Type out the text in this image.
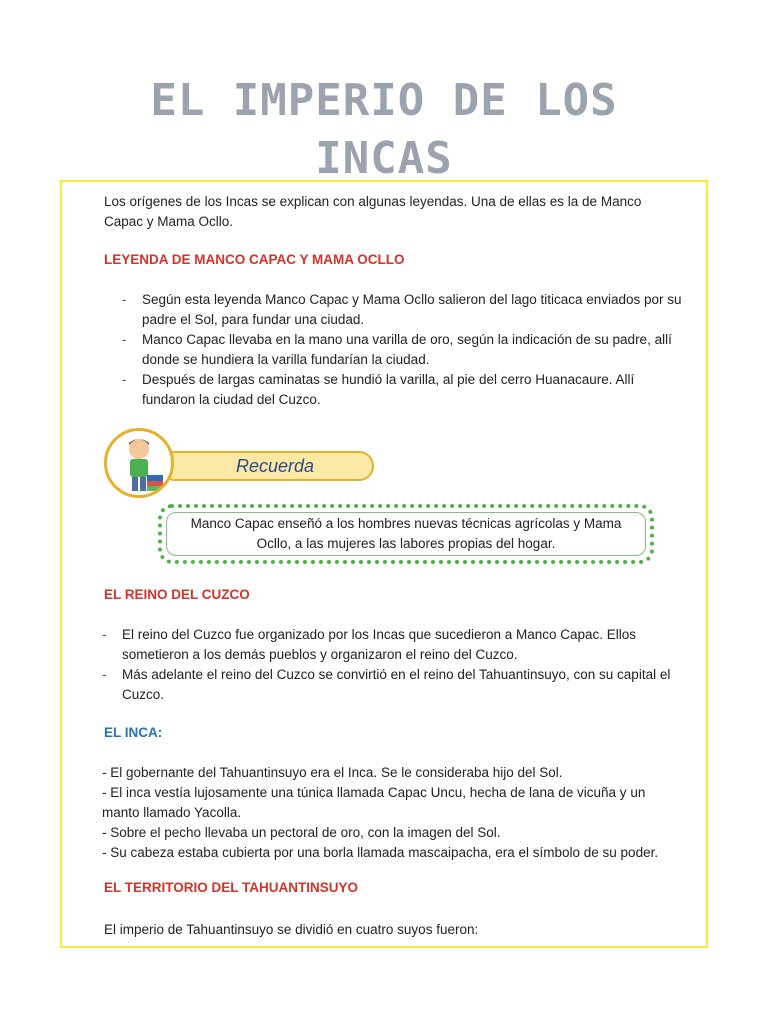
EL IMPERIO DE LOS
INCAS
Los orígenes de los Incas se explican con algunas leyendas. Una de ellas es la de Manco Capac y Mama Ocllo.
LEYENDA DE MANCO CAPAC Y MAMA OCLLO
- Según esta leyenda Manco Capac y Mama Ocllo salieron del lago titicaca enviados por su padre el Sol, para fundar una ciudad.
- Manco Capac llevaba en la mano una varilla de oro, según la indicación de su padre, allí donde se hundiera la varilla fundarían la ciudad.
- Después de largas caminatas se hundió la varilla, al pie del cerro Huanacaure. Allí fundaron la ciudad del Cuzco.
Recuerda
Manco Capac enseñó a los hombres nuevas técnicas agrícolas y Mama Ocllo, a las mujeres las labores propias del hogar.
EL REINO DEL CUZCO
- El reino del Cuzco fue organizado por los Incas que sucedieron a Manco Capac. Ellos sometieron a los demás pueblos y organizaron el reino del Cuzco.
- Más adelante el reino del Cuzco se convirtió en el reino del Tahuantinsuyo, con su capital el Cuzco.
EL INCA:
- El gobernante del Tahuantinsuyo era el Inca. Se le consideraba hijo del Sol.
- El inca vestía lujosamente una túnica llamada Capac Uncu, hecha de lana de vicuña y un manto llamado Yacolla.
- Sobre el pecho llevaba un pectoral de oro, con la imagen del Sol.
- Su cabeza estaba cubierta por una borla llamada mascaipacha, era el símbolo de su poder.
EL TERRITORIO DEL TAHUANTINSUYO
El imperio de Tahuantinsuyo se dividió en cuatro suyos fueron:
